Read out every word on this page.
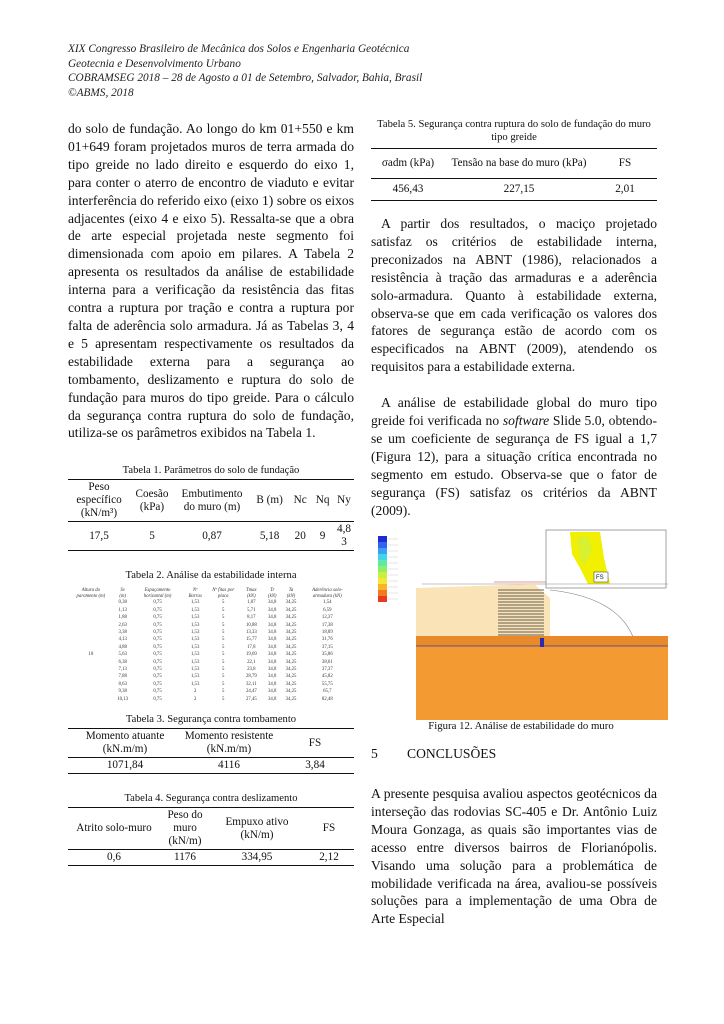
XIX Congresso Brasileiro de Mecânica dos Solos e Engenharia Geotécnica
Geotecnia e Desenvolvimento Urbano
COBRAMSEG 2018 – 28 de Agosto a 01 de Setembro, Salvador, Bahia, Brasil
©ABMS, 2018

do solo de fundação. Ao longo do km 01+550 e km 01+649 foram projetados muros de terra armada do tipo greide no lado direito e esquerdo do eixo 1, para conter o aterro de encontro de viaduto e evitar interferência do referido eixo (eixo 1) sobre os eixos adjacentes (eixo 4 e eixo 5). Ressalta-se que a obra de arte especial projetada neste segmento foi dimensionada com apoio em pilares. A Tabela 2 apresenta os resultados da análise de estabilidade interna para a verificação da resistência das fitas contra a ruptura por tração e contra a ruptura por falta de aderência solo armadura. Já as Tabelas 3, 4 e 5 apresentam respectivamente os resultados da estabilidade externa para a segurança ao tombamento, deslizamento e ruptura do solo de fundação para muros do tipo greide. Para o cálculo da segurança contra ruptura do solo de fundação, utiliza-se os parâmetros exibidos na Tabela 1.

Tabela 1. Parâmetros do solo de fundação
Peso específico (kN/m³)	Coesão (kPa)	Embutimento do muro (m)	B (m)	Nc	Nq	Ny
17,5	5	0,87	5,18	20	9	4,8 3
Tabela 2. Análise da estabilidade interna
Altura do paramento (m)	Sv (m)	Espaçamento horizontal (m)	Nº Barras	Nº fitas por placa	Tmax (kN)	Tr (kN)	Ta (kN)	Aderência solo-armadura (kN)
	0,38	0,75	1,53	5	1,07	34,8	34,25	1,54
	1,13	0,75	1,53	5	5,71	34,8	34,25	6,59
	1,88	0,75	1,53	5	8,17	34,8	34,25	12,37
	2,63	0,75	1,53	5	10,88	34,8	34,25	17,38
	3,38	0,75	1,53	5	13,33	34,8	34,25	18,89
	4,13	0,75	1,53	5	15,77	34,8	34,25	31,76
	4,88	0,75	1,53	5	17,8	34,8	34,25	37,15
10	5,63	0,75	1,53	5	19,69	34,8	34,25	35,86
	6,38	0,75	1,53	5	22,1	34,8	34,25	38,61
	7,13	0,75	1,53	5	23,8	34,8	34,25	37,37
	7,88	0,75	1,53	5	28,79	34,8	34,25	45,82
	8,63	0,75	1,53	5	32,11	34,8	34,25	55,75
	9,38	0,75	2	5	24,47	34,8	34,25	65,7
	10,13	0,75	2	5	27,45	34,8	34,25	82,48
Tabela 3. Segurança contra tombamento
Momento atuante (kN.m/m)	Momento resistente (kN.m/m)	FS
1071,84	4116	3,84
Tabela 4. Segurança contra deslizamento
Atrito solo-muro	Peso do muro (kN/m)	Empuxo ativo (kN/m)	FS
0,6	1176	334,95	2,12
Tabela 5. Segurança contra ruptura do solo de fundação do muro tipo greide
σadm (kPa)	Tensão na base do muro (kPa)	FS
456,43	227,15	2,01

A partir dos resultados, o maciço projetado satisfaz os critérios de estabilidade interna, preconizados na ABNT (1986), relacionados a resistência à tração das armaduras e a aderência solo-armadura. Quanto à estabilidade externa, observa-se que em cada verificação os valores dos fatores de segurança estão de acordo com os especificados na ABNT (2009), atendendo os requisitos para a estabilidade externa.

A análise de estabilidade global do muro tipo greide foi verificada no software Slide 5.0, obtendo-se um coeficiente de segurança de FS igual a 1,7 (Figura 12), para a situação crítica encontrada no segmento em estudo. Observa-se que o fator de segurança (FS) satisfaz os critérios da ABNT (2009).

FS
Figura 12. Análise de estabilidade do muro
5 CONCLUSÕES

A presente pesquisa avaliou aspectos geotécnicos da interseção das rodovias SC-405 e Dr. Antônio Luiz Moura Gonzaga, as quais são importantes vias de acesso entre diversos bairros de Florianópolis. Visando uma solução para a problemática de mobilidade verificada na área, avaliou-se possíveis soluções para a implementação de uma Obra de Arte Especial
